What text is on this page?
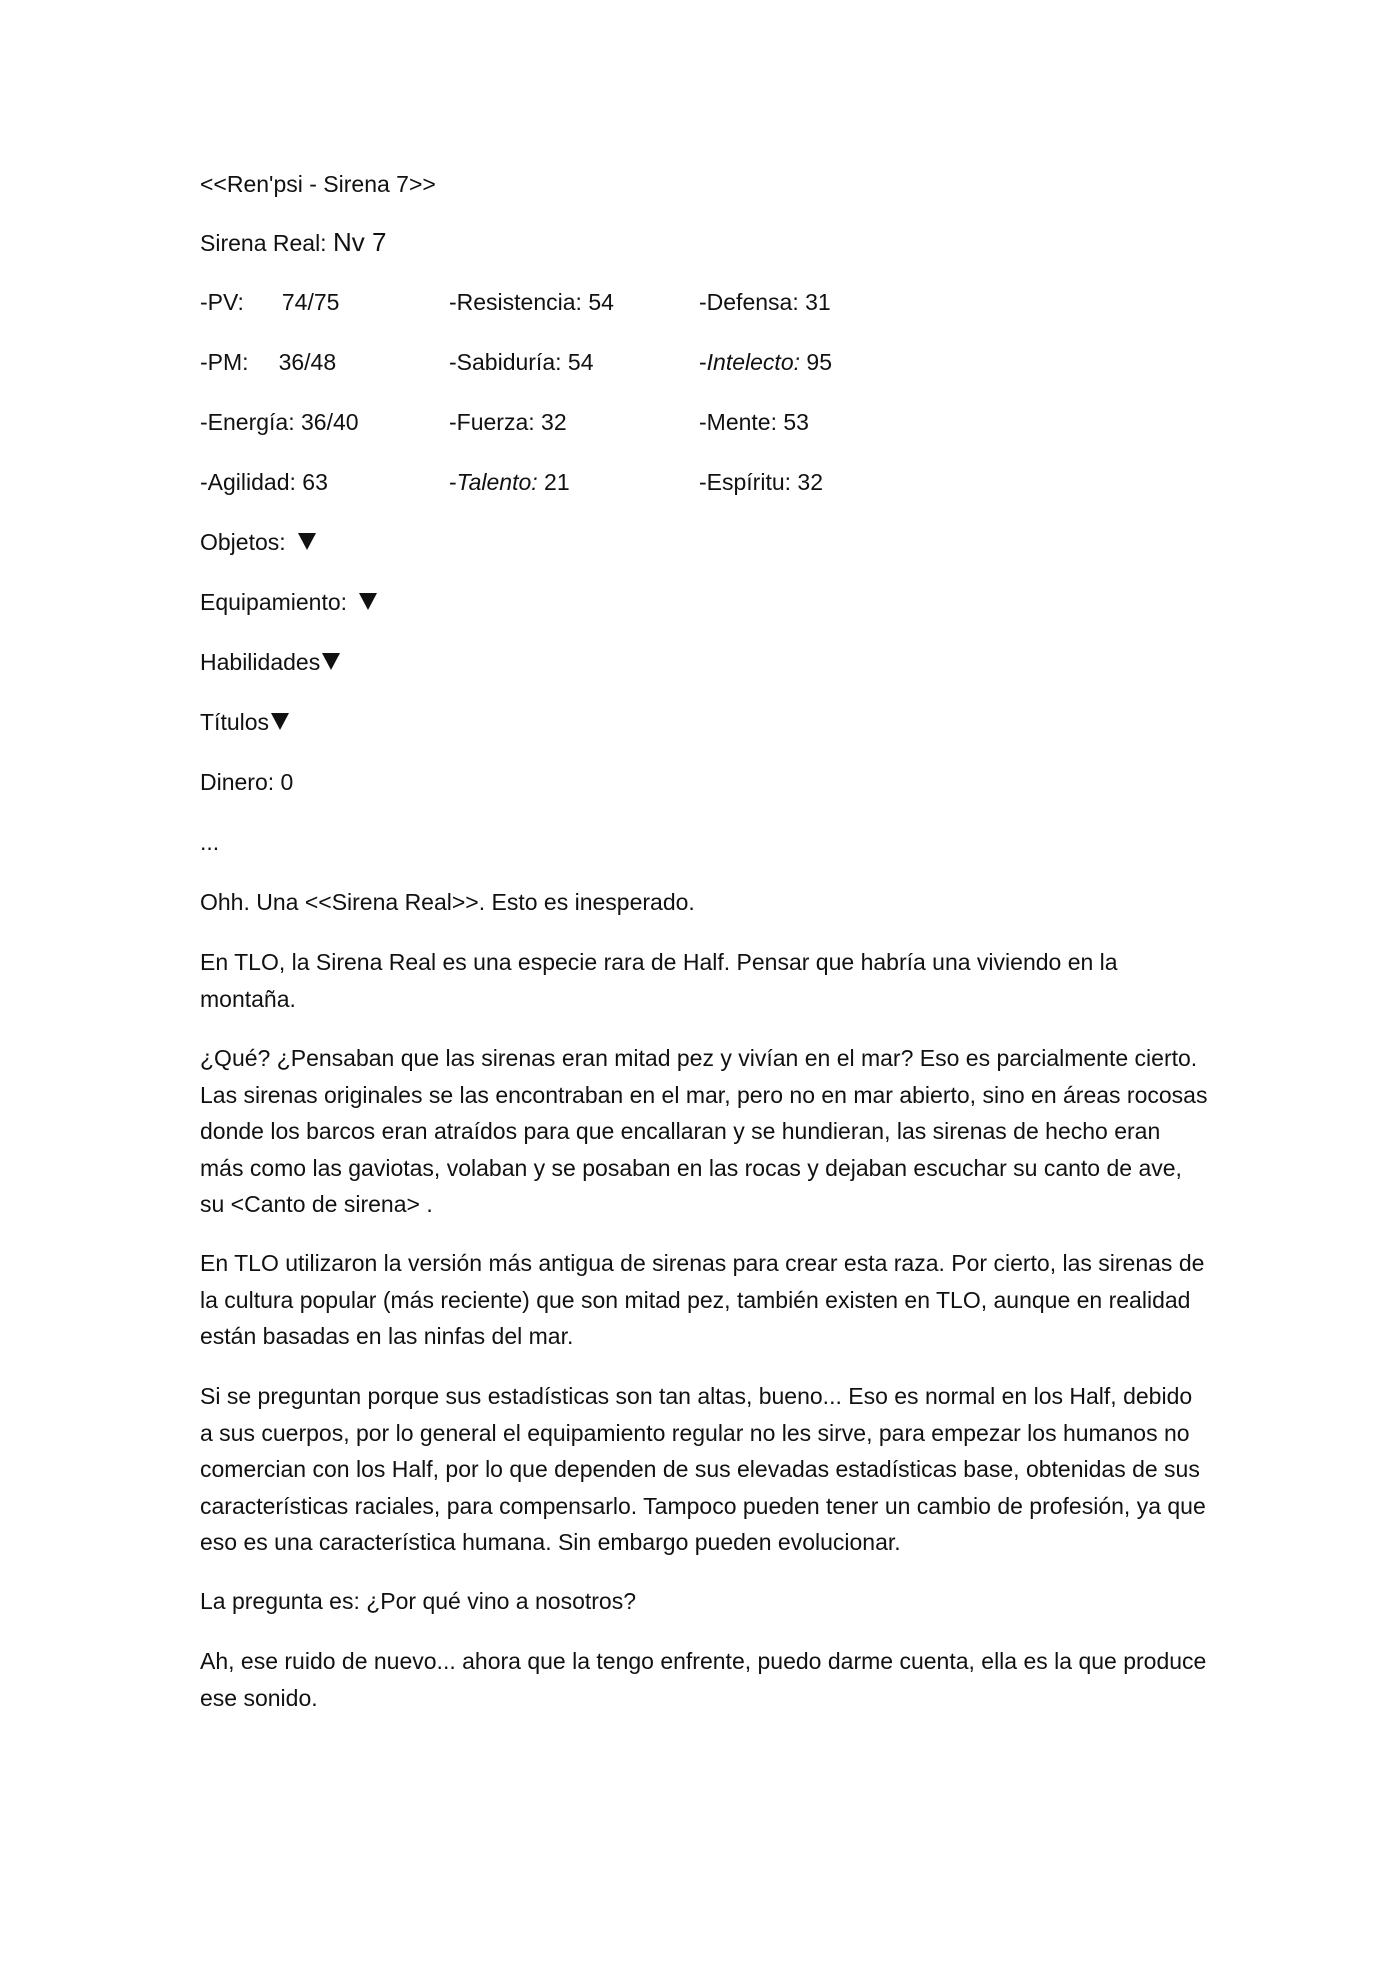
<<Ren'psi - Sirena 7>>
Sirena Real: Nv 7
-PV: 74/75	-Resistencia: 54	-Defensa: 31
-PM: 36/48	-Sabiduría: 54	-Intelecto: 95
-Energía: 36/40	-Fuerza: 32	-Mente: 53
-Agilidad: 63	-Talento: 21	-Espíritu: 32
Objetos:
Equipamiento:
Habilidades
Títulos
Dinero: 0
...
Ohh. Una <<Sirena Real>>. Esto es inesperado.
En TLO, la Sirena Real es una especie rara de Half. Pensar que habría una viviendo en la montaña.
¿Qué? ¿Pensaban que las sirenas eran mitad pez y vivían en el mar? Eso es parcialmente cierto. Las sirenas originales se las encontraban en el mar, pero no en mar abierto, sino en áreas rocosas donde los barcos eran atraídos para que encallaran y se hundieran, las sirenas de hecho eran más como las gaviotas, volaban y se posaban en las rocas y dejaban escuchar su canto de ave, su <Canto de sirena> .
En TLO utilizaron la versión más antigua de sirenas para crear esta raza. Por cierto, las sirenas de la cultura popular (más reciente) que son mitad pez, también existen en TLO, aunque en realidad están basadas en las ninfas del mar.
Si se preguntan porque sus estadísticas son tan altas, bueno... Eso es normal en los Half, debido a sus cuerpos, por lo general el equipamiento regular no les sirve, para empezar los humanos no comercian con los Half, por lo que dependen de sus elevadas estadísticas base, obtenidas de sus características raciales, para compensarlo. Tampoco pueden tener un cambio de profesión, ya que eso es una característica humana. Sin embargo pueden evolucionar.
La pregunta es: ¿Por qué vino a nosotros?
Ah, ese ruido de nuevo... ahora que la tengo enfrente, puedo darme cuenta, ella es la que produce ese sonido.
